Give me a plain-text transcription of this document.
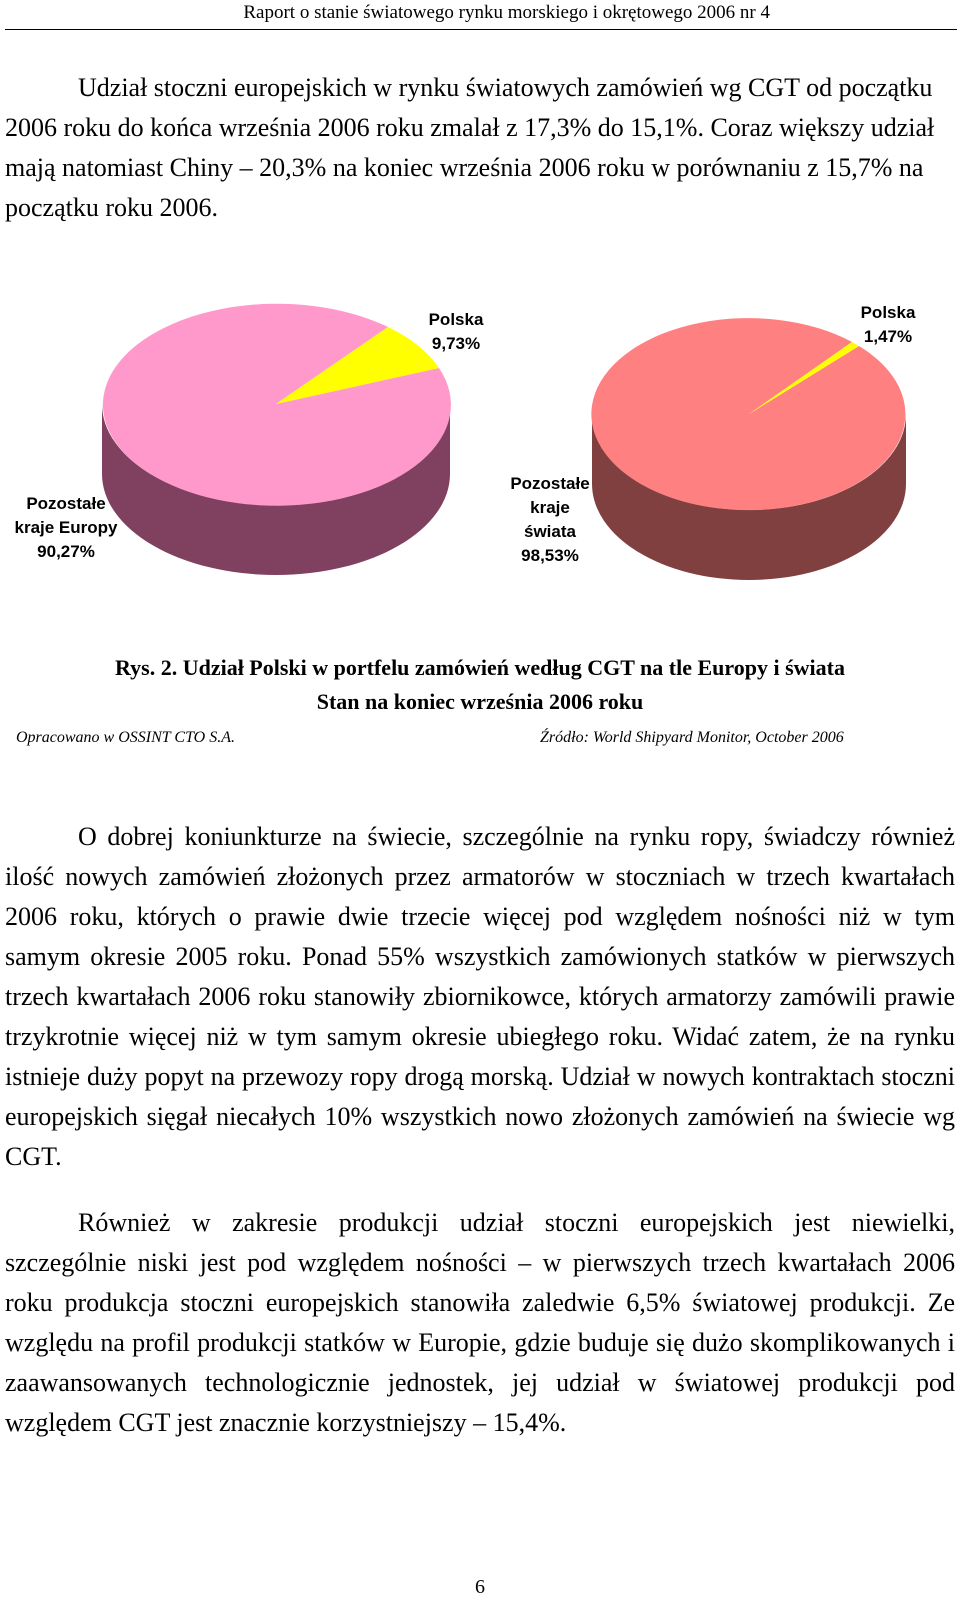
Raport o stanie światowego rynku morskiego i okrętowego 2006 nr 4

Udział stoczni europejskich w rynku światowych zamówień wg CGT od początku 2006 roku do końca września 2006 roku zmalał z 17,3% do 15,1%. Coraz większy udział mają natomiast Chiny – 20,3% na koniec września 2006 roku w porównaniu z 15,7% na początku roku 2006.

Polska
9,73%
Pozostałe
kraje Europy
90,27%
Polska
1,47%
Pozostałe
kraje
świata
98,53%
Rys. 2. Udział Polski w portfelu zamówień według CGT na tle Europy i świata
Stan na koniec września 2006 roku
Opracowano w OSSINT CTO S.A.	Źródło: World Shipyard Monitor, October 2006

O dobrej koniunkturze na świecie, szczególnie na rynku ropy, świadczy również ilość nowych zamówień złożonych przez armatorów w stoczniach w trzech kwartałach 2006 roku, których o prawie dwie trzecie więcej pod względem nośności niż w tym samym okresie 2005 roku. Ponad 55% wszystkich zamówionych statków w pierwszych trzech kwartałach 2006 roku stanowiły zbiornikowce, których armatorzy zamówili prawie trzykrotnie więcej niż w tym samym okresie ubiegłego roku. Widać zatem, że na rynku istnieje duży popyt na przewozy ropy drogą morską. Udział w nowych kontraktach stoczni europejskich sięgał niecałych 10% wszystkich nowo złożonych zamówień na świecie wg CGT.

Również w zakresie produkcji udział stoczni europejskich jest niewielki, szczególnie niski jest pod względem nośności – w pierwszych trzech kwartałach 2006 roku produkcja stoczni europejskich stanowiła zaledwie 6,5% światowej produkcji. Ze względu na profil produkcji statków w Europie, gdzie buduje się dużo skomplikowanych i zaawansowanych technologicznie jednostek, jej udział w światowej produkcji pod względem CGT jest znacznie korzystniejszy – 15,4%.

6
